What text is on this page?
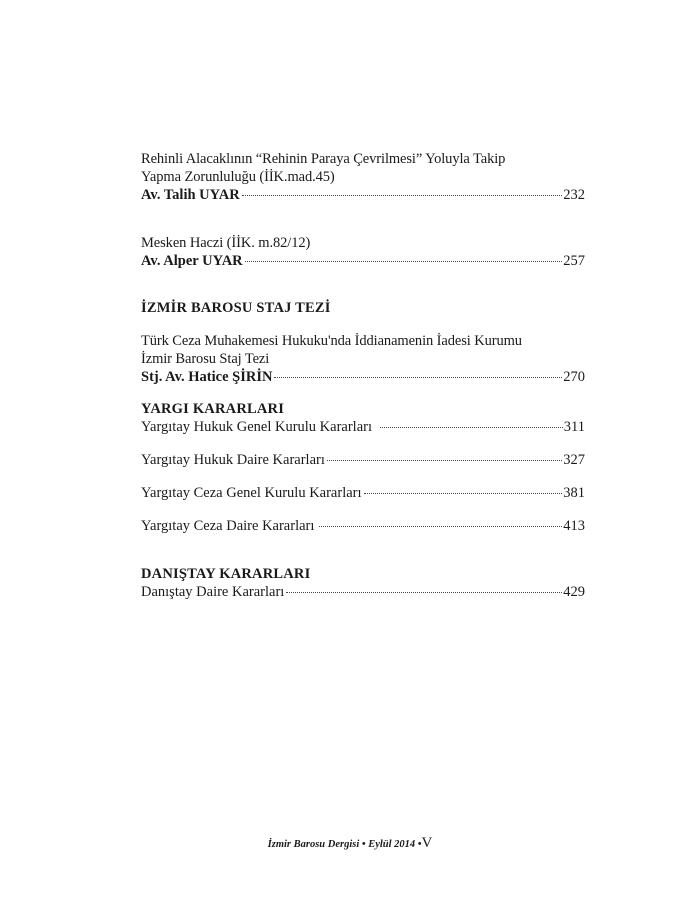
Rehinli Alacaklının “Rehinin Paraya Çevrilmesi” Yoluyla Takip
Yapma Zorunluluğu (İİK.mad.45)
Av. Talih UYAR	232
Mesken Haczi (İİK. m.82/12)
Av. Alper UYAR	257
İZMİR BAROSU STAJ TEZİ
Türk Ceza Muhakemesi Hukuku'nda İddianamenin İadesi Kurumu
İzmir Barosu Staj Tezi
Stj. Av. Hatice ŞİRİN	270
YARGI KARARLARI
Yargıtay Hukuk Genel Kurulu Kararları	311
Yargıtay Hukuk Daire Kararları	327
Yargıtay Ceza Genel Kurulu Kararları	381
Yargıtay Ceza Daire Kararları	413
DANIŞTAY KARARLARI
Danıştay Daire Kararları	429
İzmir Barosu Dergisi • Eylül 2014 •V
